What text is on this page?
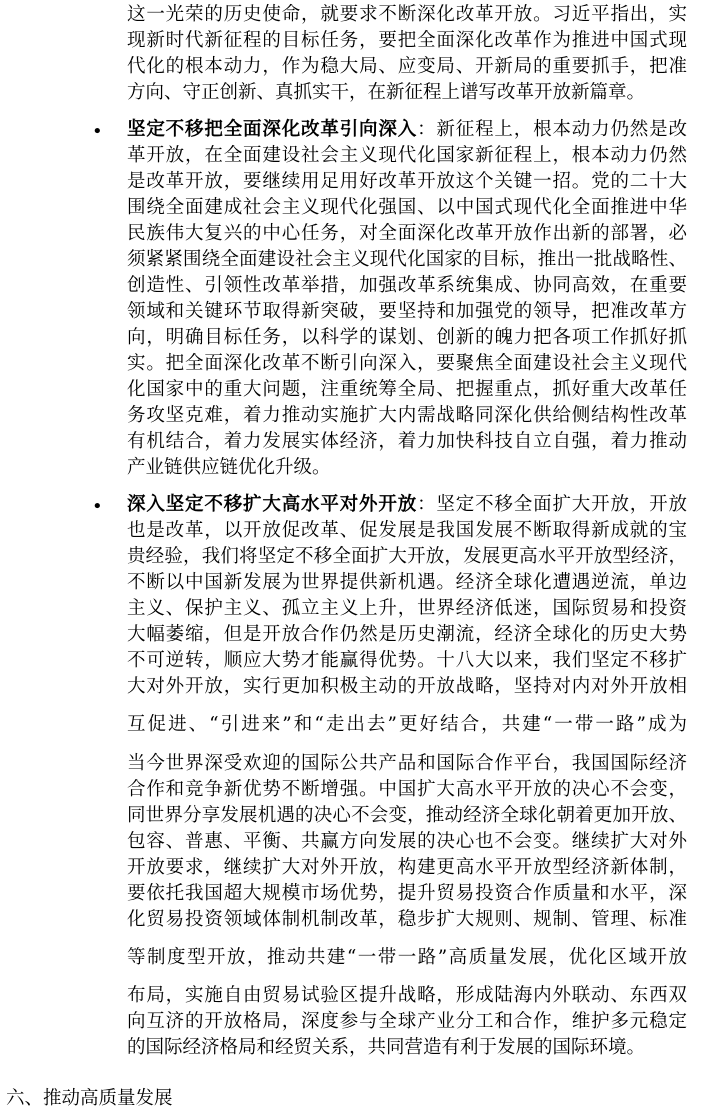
这一光荣的历史使命，就要求不断深化改革开放。习近平指出，实
现新时代新征程的目标任务，要把全面深化改革作为推进中国式现
代化的根本动力，作为稳大局、应变局、开新局的重要抓手，把准
方向、守正创新、真抓实干，在新征程上谱写改革开放新篇章。
• 坚定不移把全面深化改革引向深入：新征程上，根本动力仍然是改
革开放，在全面建设社会主义现代化国家新征程上，根本动力仍然
是改革开放，要继续用足用好改革开放这个关键一招。党的二十大
围绕全面建成社会主义现代化强国、以中国式现代化全面推进中华
民族伟大复兴的中心任务，对全面深化改革开放作出新的部署，必
须紧紧围绕全面建设社会主义现代化国家的目标，推出一批战略性、
创造性、引领性改革举措，加强改革系统集成、协同高效，在重要
领域和关键环节取得新突破，要坚持和加强党的领导，把准改革方
向，明确目标任务，以科学的谋划、创新的魄力把各项工作抓好抓
实。把全面深化改革不断引向深入，要聚焦全面建设社会主义现代
化国家中的重大问题，注重统筹全局、把握重点，抓好重大改革任
务攻坚克难，着力推动实施扩大内需战略同深化供给侧结构性改革
有机结合，着力发展实体经济，着力加快科技自立自强，着力推动
产业链供应链优化升级。
• 深入坚定不移扩大高水平对外开放：坚定不移全面扩大开放，开放
也是改革，以开放促改革、促发展是我国发展不断取得新成就的宝
贵经验，我们将坚定不移全面扩大开放，发展更高水平开放型经济，
不断以中国新发展为世界提供新机遇。经济全球化遭遇逆流，单边
主义、保护主义、孤立主义上升，世界经济低迷，国际贸易和投资
大幅萎缩，但是开放合作仍然是历史潮流，经济全球化的历史大势
不可逆转，顺应大势才能赢得优势。十八大以来，我们坚定不移扩
大对外开放，实行更加积极主动的开放战略，坚持对内对外开放相
互促进、“引进来”和“走出去”更好结合，共建“一带一路”成为
当今世界深受欢迎的国际公共产品和国际合作平台，我国国际经济
合作和竞争新优势不断增强。中国扩大高水平开放的决心不会变，
同世界分享发展机遇的决心不会变，推动经济全球化朝着更加开放、
包容、普惠、平衡、共赢方向发展的决心也不会变。继续扩大对外
开放要求，继续扩大对外开放，构建更高水平开放型经济新体制，
要依托我国超大规模市场优势，提升贸易投资合作质量和水平，深
化贸易投资领域体制机制改革，稳步扩大规则、规制、管理、标准
等制度型开放，推动共建“一带一路”高质量发展，优化区域开放
布局，实施自由贸易试验区提升战略，形成陆海内外联动、东西双
向互济的开放格局，深度参与全球产业分工和合作，维护多元稳定
的国际经济格局和经贸关系，共同营造有利于发展的国际环境。
六、推动高质量发展
